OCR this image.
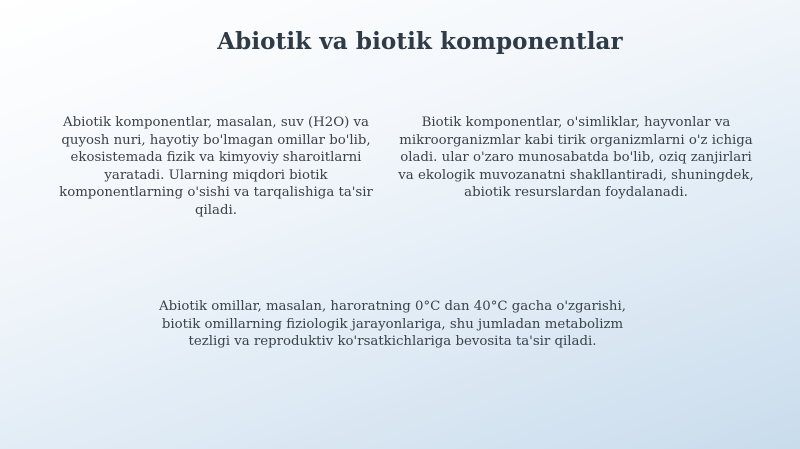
Abiotik va biotik komponentlar
Abiotik komponentlar, masalan, suv (H2O) va quyosh nuri, hayotiy bo'lmagan omillar bo'lib, ekosistemada fizik va kimyoviy sharoitlarni yaratadi. Ularning miqdori biotik komponentlarning o'sishi va tarqalishiga ta'sir qiladi.
Biotik komponentlar, o'simliklar, hayvonlar va mikroorganizmlar kabi tirik organizmlarni o'z ichiga oladi. ular o'zaro munosabatda bo'lib, oziq zanjirlari va ekologik muvozanatni shakllantiradi, shuningdek, abiotik resurslardan foydalanadi.
Abiotik omillar, masalan, haroratning 0°C dan 40°C gacha o'zgarishi, biotik omillarning fiziologik jarayonlariga, shu jumladan metabolizm tezligi va reproduktiv ko'rsatkichlariga bevosita ta'sir qiladi.
